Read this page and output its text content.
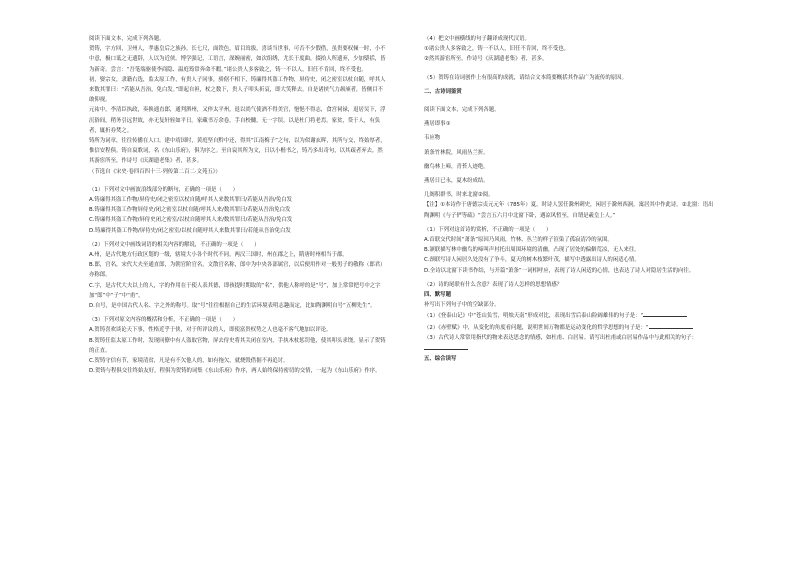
阅读下面文本，完成下列各题。

贺铸，字方回，卫州人，孝惠皇后之族孙。长七尺，面铁色，眉目耸拔，喜谈当世事，可否不少假借，虽贵要权倾一时，小不中意，极口诋之无遗辞，人以为近侠。博学强记，工语言，深婉丽密，如次组绣，尤长于度曲，掇拾人所遗弃，少加檃括，皆为新奇。尝言：“吾笔端驱使李商隐、温庭筠常奔命不暇。”诸公贵人多客致之，铸一不以人，旧任不肯回，终不受也。

初，娶宗女，隶籍右选，监太原工作，有贵人子同事，骄倨不相下，铸廉得其盗工作物，屏侍史，闭之密室以杖自随，呼其人来数其罪曰：“若能从吾治，免白发。”即起自袒，杖之数下，贵人子叩头祈哀，即大笑释去。自是诸挟气力颉颃者，皆侧目不敢仰视。

元祐中，李清臣执政，奏换通直郎，通判泗州，又倅太平州，退以尚气使酒不得美官，悒悒不得志，食宫祠禄，退居吴下，浮沉俗间，稍务引远世故，亦无复轩轾如平日。家藏书万余卷，手自校雠，无一字误，以是杜门将老焉。家贫，贷于人，有负者，辄折券焚之。

铸所为词章，往往传播在人口。建中靖国时，黄庭坚自黔中还，得其“江南梅子”之句，以为似谢玄晖，其所与交，终始厚者，惟信安程俱。铸自裒歌词，名《东山乐府》，俱为序之。至自裒其所为文，日以小楷书之，铸乃多出奇句，以其疏者弃去。然其游宦所至，作诗号《庆湖遗老集》者，甚多。

（节选自《宋史·卷四百四十三·列传第二百二·文苑五》）

（1）下列对文中画波浪线部分的断句，正确的一项是（　　）

A.铸廉得其盗工作物/屏侍史/闭之密室以杖自随/呼其人来数其罪曰/若能从吾治/免白发

B.铸廉得其盗工作物屏侍史/闭之密室以杖自随/呼其人来/数其罪曰/若能从吾治免白发

C.铸廉得其盗工作物/屏侍史闭之密室/以杖自随呼其人来/数其罪曰/若能从吾治/免白发

D.铸廉得其盗工作物/屏侍史/闭之密室/以杖自随呼其人来数其罪曰/若能从吾治免白发

（2）下列对文中画线词语的相关内容的解说，不正确的一项是（　　）

A.州，是古代地方行政区划的一级，辖境大小各个时代不同。两汉三国时，州在郡之上，隋唐时州相当于郡。

B.郎，官名，宋代大夫至通直郎，为朝官阶官名，文散官名称，郎中为中央各部属官，以后便用作对一般男子的敬称（郎君）亦称郎。

C.字，是古代大夫以上的人，字的作用在于使人表其德，即孩提时期取的“名”，供他人称呼的是“号”，加上常常把号中之字加“郎”中“子”中“甫”。

D.自号，是中国古代人名、字之外的称号。取“号”往往根据自己的生活环境表明志趣而定，比如陶渊明自号“五柳先生”。

（3）下列对原文内容的概括和分析，不正确的一项是（　　）

A.贺铸喜欢谈论天下事，性格近乎于侠，对于所评议的人，即使富贵权势之人也毫不客气地加以评论。

B.贺铸任监太原工作时，发现同僚中有人盗取官物，屏去侍史将其关闭在室内，手执木杖惩罚他，使其叩头求饶，显示了贺铸的正直。

C.贺铸守信有节，家境清贫，凡是有不欠他人的，如有拖欠，就烧毁借据不再追讨。

D.贺铸与程俱交往终始友好，程俱为贺铸的词集《东山乐府》作序，两人始终保持密切的交情，一起为《东山乐府》作序。

（4）把文中画横线的句子翻译成现代汉语。

①诸公贵人多客致之，铸一不以人，旧任不肯回，终不受也。

②然其游宦所至，作诗号《庆湖遗老集》者，甚多。

（5）贺铸在诗词创作上有很高的成就，请结合文本简要概括其作品广为流传的原因。

二、古诗词鉴赏

阅读下面文本，完成下列各题。

燕居即事①

韦应物

萧条竹林院，风雨丛兰折。

幽鸟林上啼，青苔人迹绝。

燕居日已永，夏木纷成结。

几阁积群书，时来北窗②阅。

【注】①本诗作于唐德宗贞元元年（785年）夏，时诗人罢任滁州刺史，闲居于滁州西涧，寓居其中作此诗。②北窗：语出陶渊明《与子俨等疏》“尝言五六月中北窗下卧，遇凉风暂至，自谓是羲皇上人。”

（1）下列对这首诗的赏析，不正确的一项是（　　）

A.首联交代时间“萧条”原因乃风雨，竹林、丛兰的样子渲染了孤寂清冷的氛围。

B.颔联描写林中幽鸟的啼叫声衬托出周围环境的清幽，凸现了居处的偏僻荒凉，无人来往。

C.颈联写诗人闲居久处没有了争斗，夏天的树木枝繁叶茂，描写中透露出诗人的闲适心情。

D.全诗以北窗下读书作结，与开篇“萧条”一词相呼应，表现了诗人闲适的心情，也表达了诗人对隐居生活的向往。

（2）诗的尾联有什么含意？表现了诗人怎样的思想情感？

四、默写题

补写出下列句子中的空缺部分。

（1）《登泰山记》中“苍山负雪，明烛天南”形成对比，表现出雪后泰山险阔雄伟的句子是：“

（2）《赤壁赋》中，从变化的角度看问题，说明世间万物都是运动变化的哲学思想的句子是：“

（3）古代诗人常常用指代的物来表达思念的情感，如杜甫、白居易。请写出杜甫或白居易作品中与此相关的句子：

五、综合读写
